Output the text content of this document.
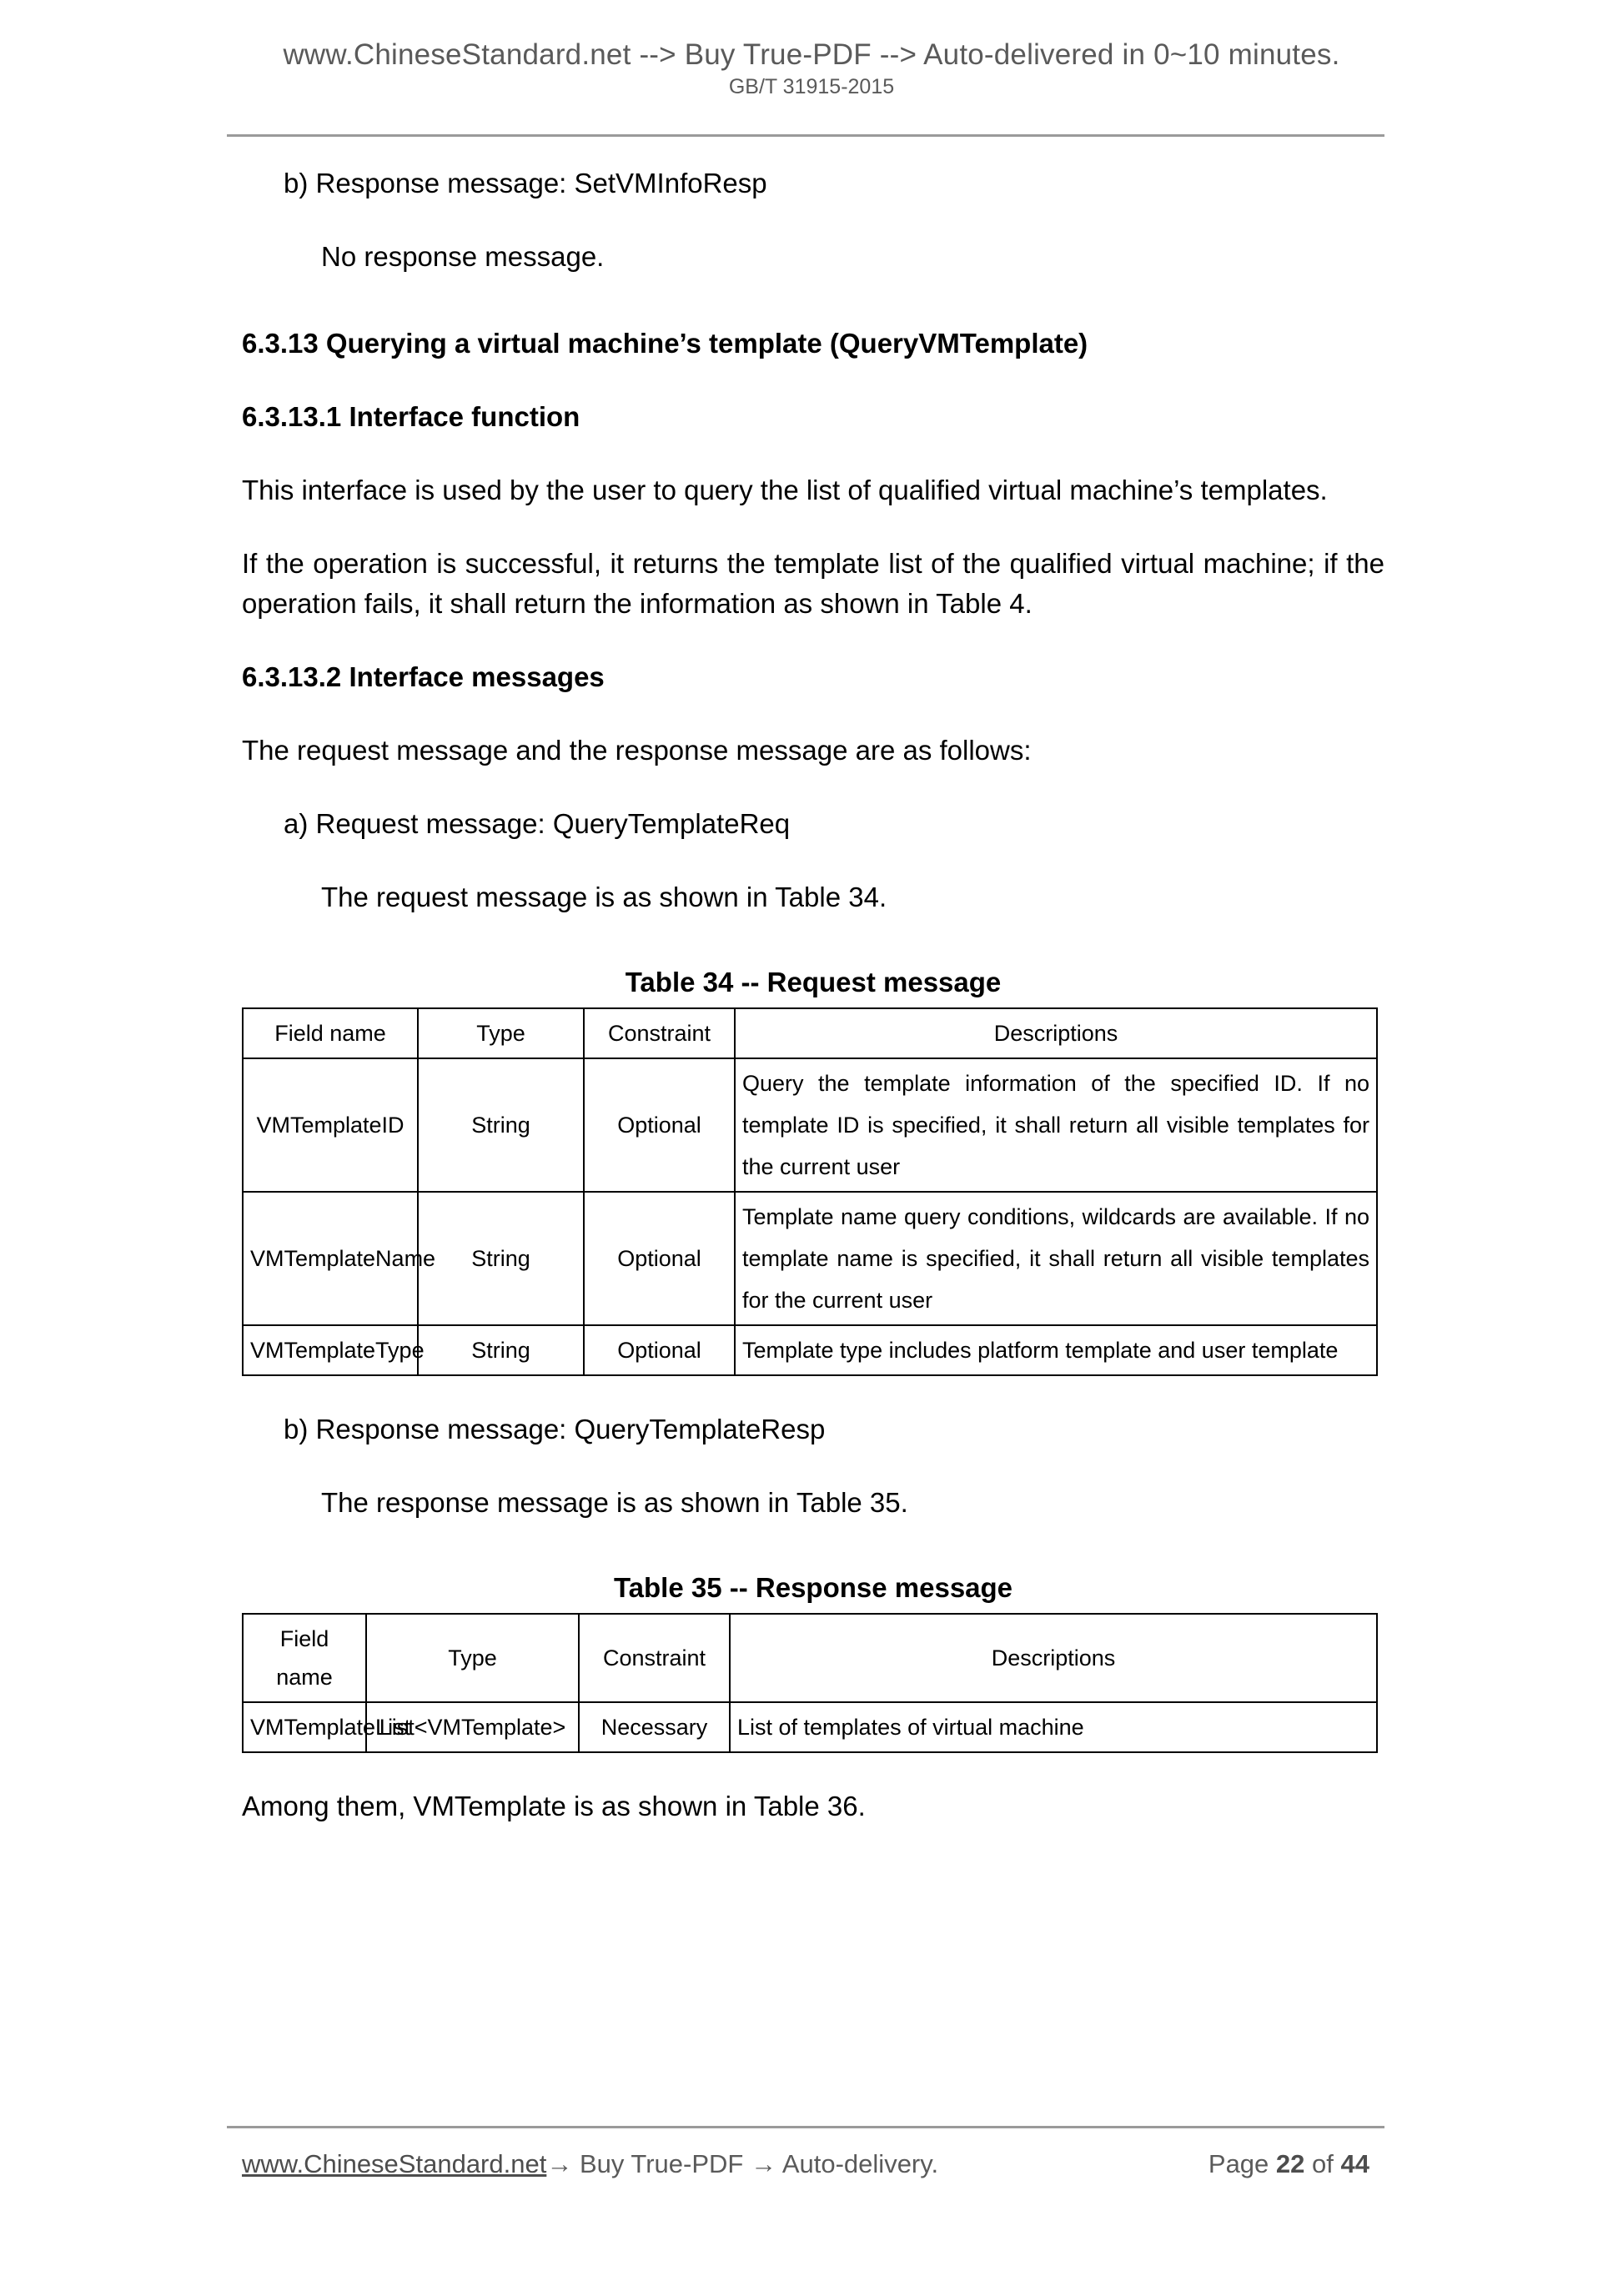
www.ChineseStandard.net --> Buy True-PDF --> Auto-delivered in 0~10 minutes.
GB/T 31915-2015

b) Response message: SetVMInfoResp

No response message.

6.3.13 Querying a virtual machine’s template (QueryVMTemplate)
6.3.13.1 Interface function

This interface is used by the user to query the list of qualified virtual machine’s templates.

If the operation is successful, it returns the template list of the qualified virtual machine; if the operation fails, it shall return the information as shown in Table 4.

6.3.13.2 Interface messages

The request message and the response message are as follows:

a) Request message: QueryTemplateReq

The request message is as shown in Table 34.

Table 34 -- Request message
Field name	Type	Constraint	Descriptions
VMTemplateID	String	Optional	Query the template information of the specified ID. If no template ID is specified, it shall return all visible templates for the current user
VMTemplateName	String	Optional	Template name query conditions, wildcards are available. If no template name is specified, it shall return all visible templates for the current user
VMTemplateType	String	Optional	Template type includes platform template and user template

b) Response message: QueryTemplateResp

The response message is as shown in Table 35.

Table 35 -- Response message
Field name	Type	Constraint	Descriptions
VMTemplateList	List<VMTemplate>	Necessary	List of templates of virtual machine

Among them, VMTemplate is as shown in Table 36.

www.ChineseStandard.net → Buy True-PDF → Auto-delivery.	Page 22 of 44
